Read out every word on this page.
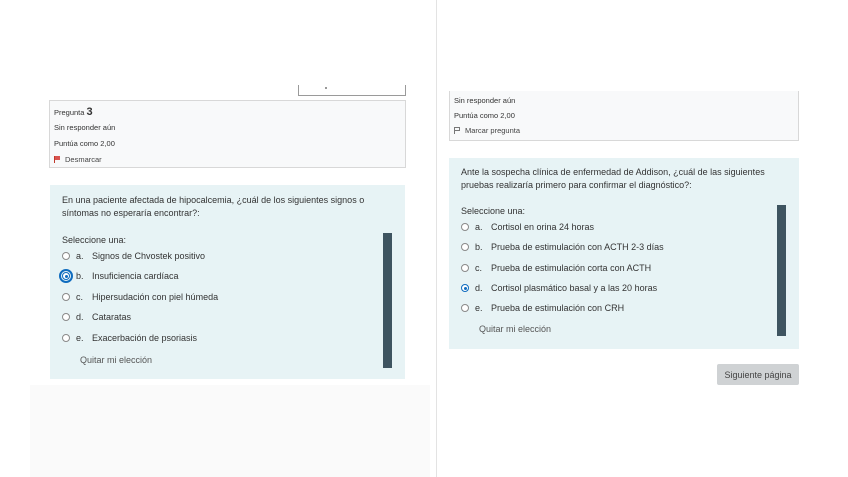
Pregunta 3
Sin responder aún
Puntúa como 2,00
Desmarcar
En una paciente afectada de hipocalcemia, ¿cuál de los siguientes signos o síntomas no esperaría encontrar?:
Seleccione una:
a. Signos de Chvostek positivo
b. Insuficiencia cardíaca
c. Hipersudación con piel húmeda
d. Cataratas
e. Exacerbación de psoriasis
Quitar mi elección
Sin responder aún
Puntúa como 2,00
Marcar pregunta
Ante la sospecha clínica de enfermedad de Addison, ¿cuál de las siguientes pruebas realizaría primero para confirmar el diagnóstico?:
Seleccione una:
a. Cortisol en orina 24 horas
b. Prueba de estimulación con ACTH 2-3 días
c. Prueba de estimulación corta con ACTH
d. Cortisol plasmático basal y a las 20 horas
e. Prueba de estimulación con CRH
Quitar mi elección
Siguiente página
